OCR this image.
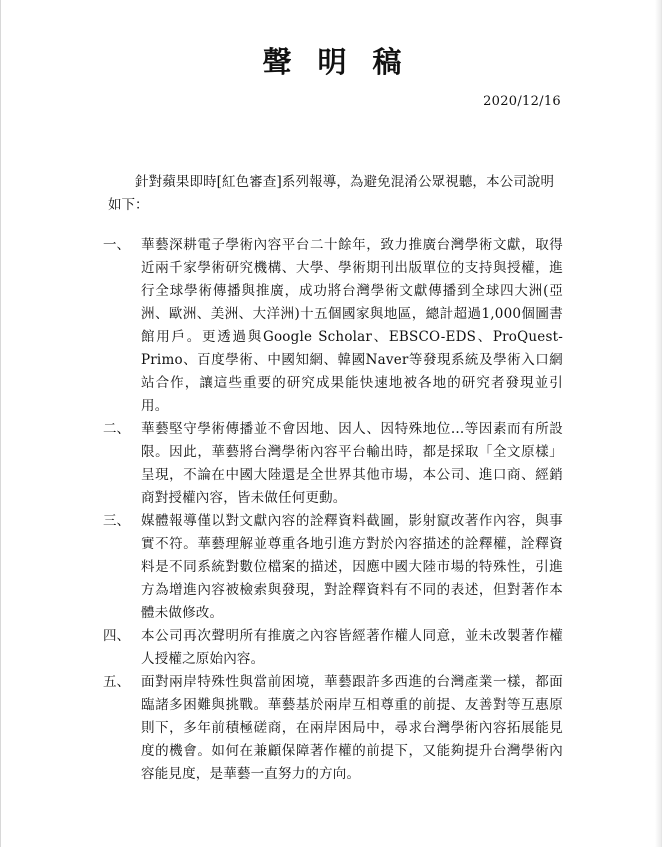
聲明稿
2020/12/16
針對蘋果即時[紅色審查]系列報導，為避免混淆公眾視聽，本公司說明如下：
一、 華藝深耕電子學術內容平台二十餘年，致力推廣台灣學術文獻，取得近兩千家學術研究機構、大學、學術期刊出版單位的支持與授權，進行全球學術傳播與推廣，成功將台灣學術文獻傳播到全球四大洲(亞洲、歐洲、美洲、大洋洲)十五個國家與地區，總計超過1,000個圖書館用戶。更透過與Google Scholar、EBSCO-EDS、ProQuest-Primo、百度學術、中國知網、韓國Naver等發現系統及學術入口網站合作，讓這些重要的研究成果能快速地被各地的研究者發現並引用。
二、 華藝堅守學術傳播並不會因地、因人、因特殊地位...等因素而有所設限。因此，華藝將台灣學術內容平台輸出時，都是採取「全文原樣」呈現，不論在中國大陸還是全世界其他市場，本公司、進口商、經銷商對授權內容，皆未做任何更動。
三、 媒體報導僅以對文獻內容的詮釋資料截圖，影射竄改著作內容，與事實不符。華藝理解並尊重各地引進方對於內容描述的詮釋權，詮釋資料是不同系統對數位檔案的描述，因應中國大陸市場的特殊性，引進方為增進內容被檢索與發現，對詮釋資料有不同的表述，但對著作本體未做修改。
四、 本公司再次聲明所有推廣之內容皆經著作權人同意，並未改製著作權人授權之原始內容。
五、 面對兩岸特殊性與當前困境，華藝跟許多西進的台灣產業一樣，都面臨諸多困難與挑戰。華藝基於兩岸互相尊重的前提、友善對等互惠原則下，多年前積極磋商，在兩岸困局中，尋求台灣學術內容拓展能見度的機會。如何在兼顧保障著作權的前提下，又能夠提升台灣學術內容能見度，是華藝一直努力的方向。
